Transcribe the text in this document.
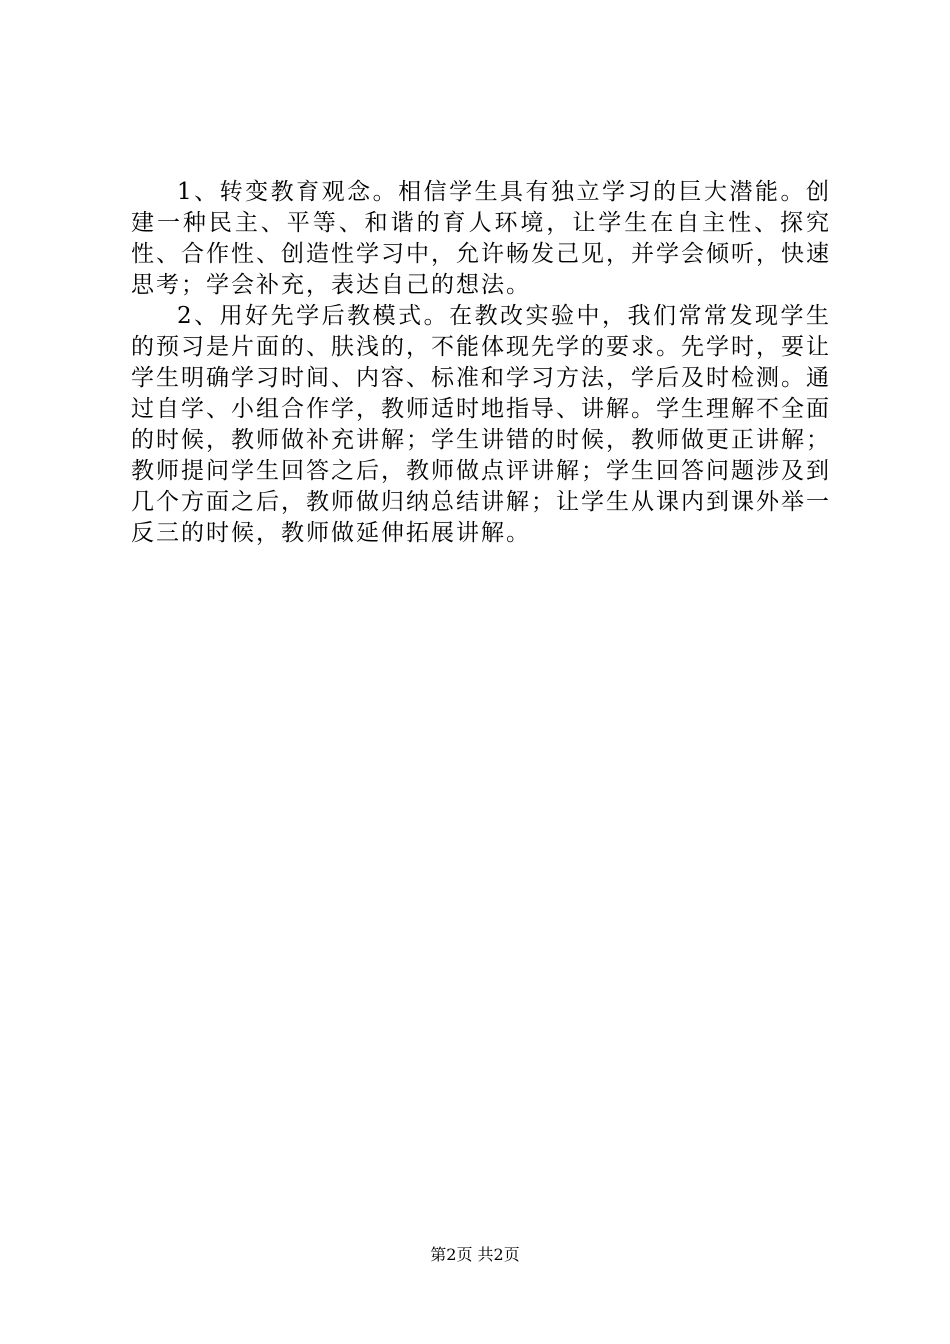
1、转变教育观念。相信学生具有独立学习的巨大潜能。创建一种民主、平等、和谐的育人环境，让学生在自主性、探究性、合作性、创造性学习中，允许畅发己见，并学会倾听，快速思考；学会补充，表达自己的想法。

2、用好先学后教模式。在教改实验中，我们常常发现学生的预习是片面的、肤浅的，不能体现先学的要求。先学时，要让学生明确学习时间、内容、标准和学习方法，学后及时检测。通过自学、小组合作学，教师适时地指导、讲解。学生理解不全面的时候，教师做补充讲解；学生讲错的时候，教师做更正讲解；教师提问学生回答之后，教师做点评讲解；学生回答问题涉及到几个方面之后，教师做归纳总结讲解；让学生从课内到课外举一反三的时候，教师做延伸拓展讲解。

第2页 共2页
